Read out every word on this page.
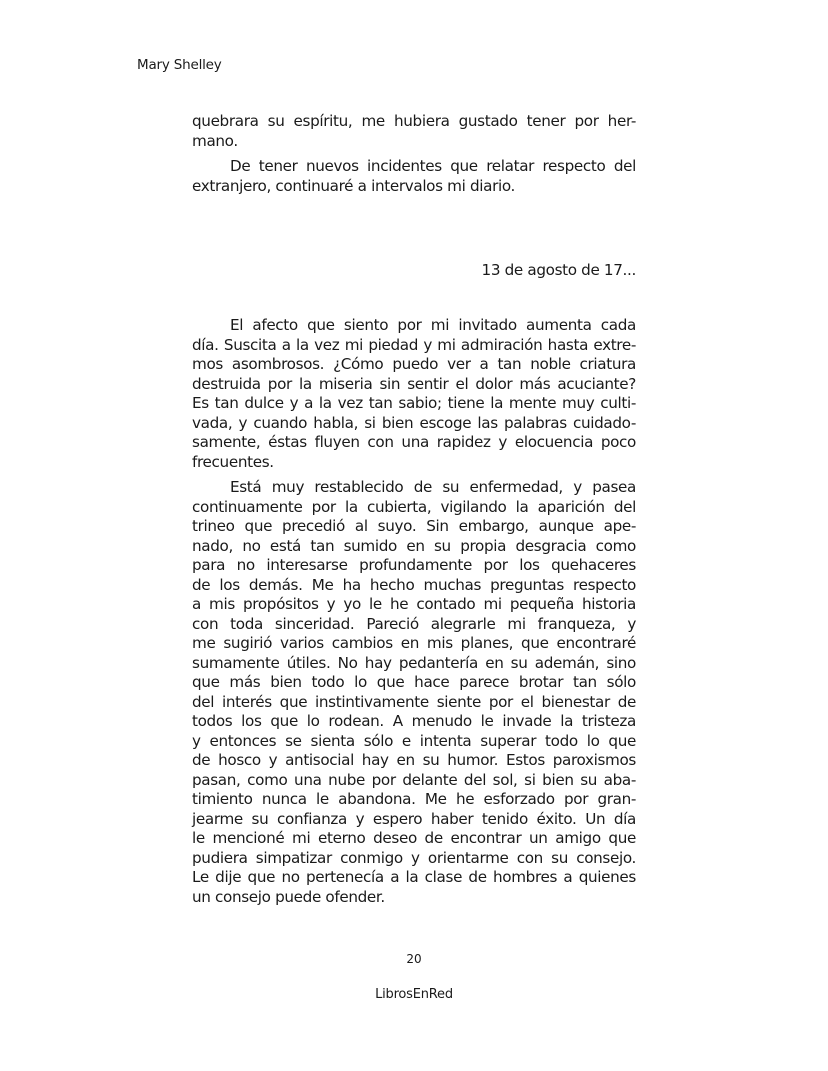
Mary Shelley
quebrara su espíritu, me hubiera gustado tener por her-
mano.
De tener nuevos incidentes que relatar respecto del
extranjero, continuaré a intervalos mi diario.
13 de agosto de 17...
El afecto que siento por mi invitado aumenta cada
día. Suscita a la vez mi piedad y mi admiración hasta extre-
mos asombrosos. ¿Cómo puedo ver a tan noble criatura
destruida por la miseria sin sentir el dolor más acuciante?
Es tan dulce y a la vez tan sabio; tiene la mente muy culti-
vada, y cuando habla, si bien escoge las palabras cuidado-
samente, éstas fluyen con una rapidez y elocuencia poco
frecuentes.
Está muy restablecido de su enfermedad, y pasea
continuamente por la cubierta, vigilando la aparición del
trineo que precedió al suyo. Sin embargo, aunque ape-
nado, no está tan sumido en su propia desgracia como
para no interesarse profundamente por los quehaceres
de los demás. Me ha hecho muchas preguntas respecto
a mis propósitos y yo le he contado mi pequeña historia
con toda sinceridad. Pareció alegrarle mi franqueza, y
me sugirió varios cambios en mis planes, que encontraré
sumamente útiles. No hay pedantería en su ademán, sino
que más bien todo lo que hace parece brotar tan sólo
del interés que instintivamente siente por el bienestar de
todos los que lo rodean. A menudo le invade la tristeza
y entonces se sienta sólo e intenta superar todo lo que
de hosco y antisocial hay en su humor. Estos paroxismos
pasan, como una nube por delante del sol, si bien su aba-
timiento nunca le abandona. Me he esforzado por gran-
jearme su confianza y espero haber tenido éxito. Un día
le mencioné mi eterno deseo de encontrar un amigo que
pudiera simpatizar conmigo y orientarme con su consejo.
Le dije que no pertenecía a la clase de hombres a quienes
un consejo puede ofender.
20
LibrosEnRed
